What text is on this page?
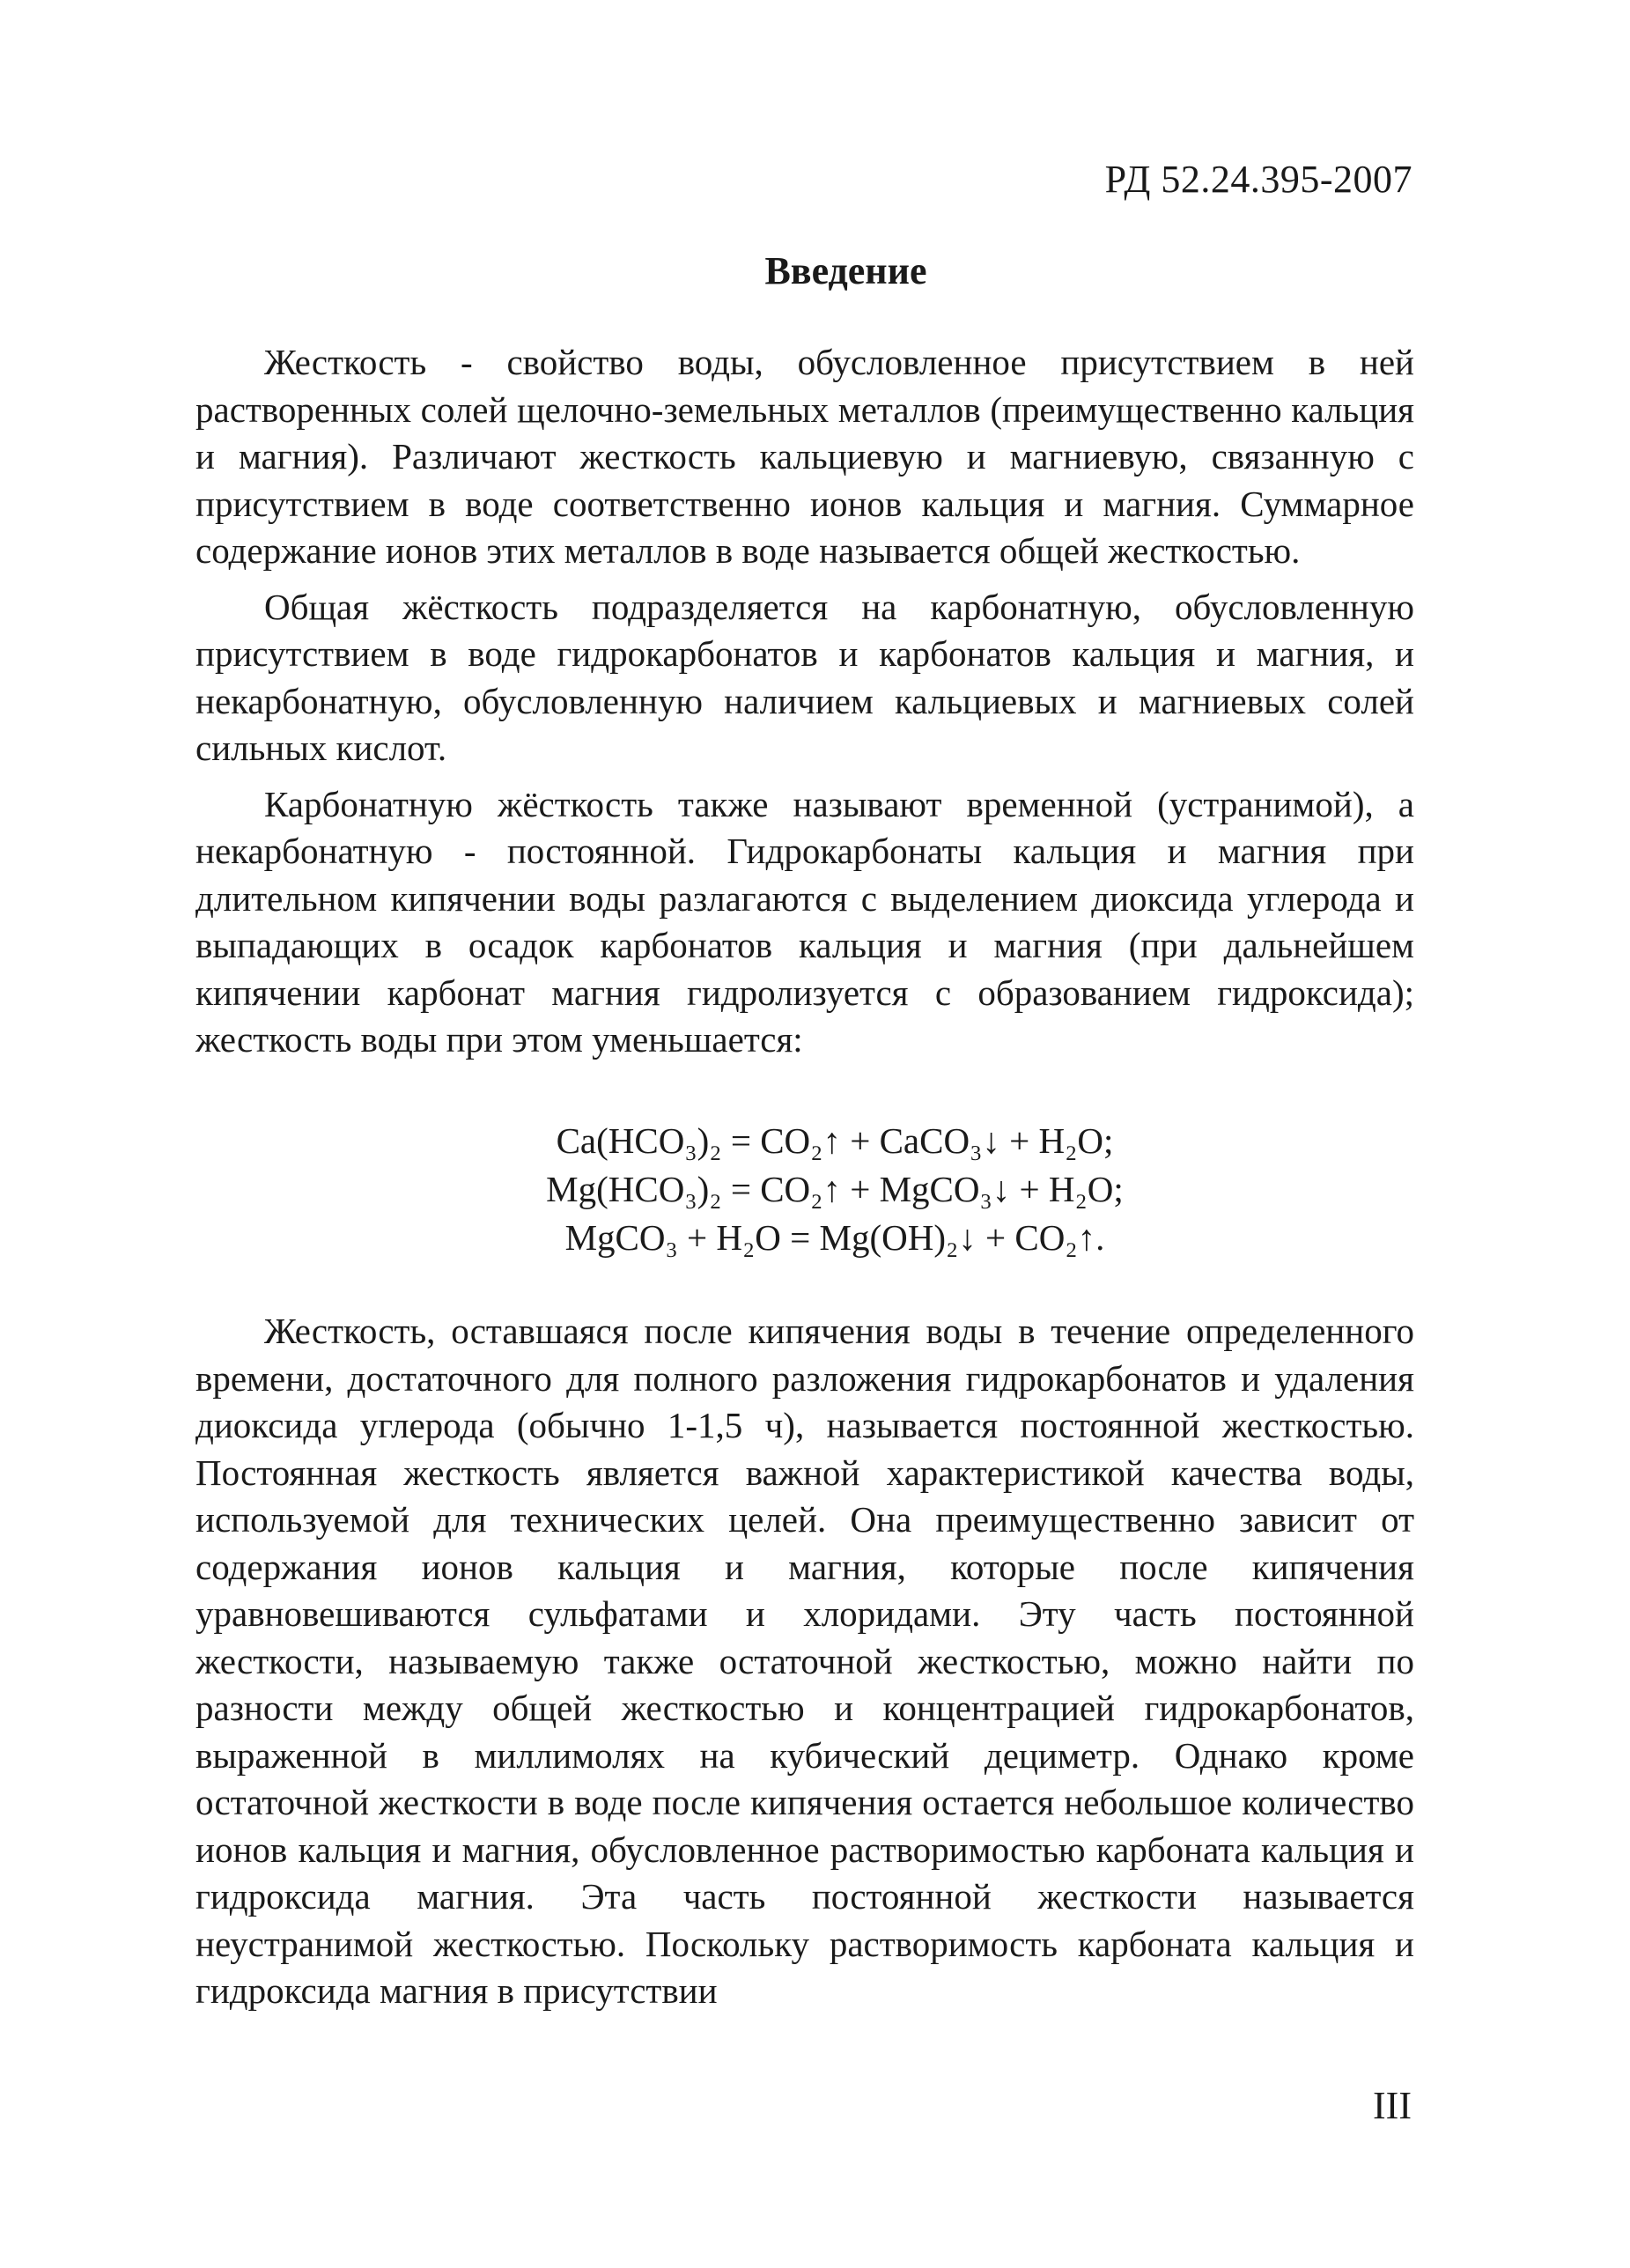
РД 52.24.395-2007
Введение

Жесткость - свойство воды, обусловленное присутствием в ней растворенных солей щелочно-земельных металлов (преимущественно кальция и магния). Различают жесткость кальциевую и магниевую, связанную с присутствием в воде соответственно ионов кальция и магния. Суммарное содержание ионов этих металлов в воде называется общей жесткостью.

Общая жёсткость подразделяется на карбонатную, обусловленную присутствием в воде гидрокарбонатов и карбонатов кальция и магния, и некарбонатную, обусловленную наличием кальциевых и магниевых солей сильных кислот.

Карбонатную жёсткость также называют временной (устранимой), а некарбонатную - постоянной. Гидрокарбонаты кальция и магния при длительном кипячении воды разлагаются с выделением диоксида углерода и выпадающих в осадок карбонатов кальция и магния (при дальнейшем кипячении карбонат магния гидролизуется с образованием гидроксида); жесткость воды при этом уменьшается:

Ca(HCO₃)₂ = CO₂↑ + CaCO₃↓ + H₂O;
Mg(HCO₃)₂ = CO₂↑ + MgCO₃↓ + H₂O;
MgCO₃ + H₂O = Mg(OH)₂↓ + CO₂↑.

Жесткость, оставшаяся после кипячения воды в течение определенного времени, достаточного для полного разложения гидрокарбонатов и удаления диоксида углерода (обычно 1-1,5 ч), называется постоянной жесткостью. Постоянная жесткость является важной характеристикой качества воды, используемой для технических целей. Она преимущественно зависит от содержания ионов кальция и магния, которые после кипячения уравновешиваются сульфатами и хлоридами. Эту часть постоянной жесткости, называемую также остаточной жесткостью, можно найти по разности между общей жесткостью и концентрацией гидрокарбонатов, выраженной в миллимолях на кубический дециметр. Однако кроме остаточной жесткости в воде после кипячения остается небольшое количество ионов кальция и магния, обусловленное растворимостью карбоната кальция и гидроксида магния. Эта часть постоянной жесткости называется неустранимой жесткостью. Поскольку растворимость карбоната кальция и гидроксида магния в присутствии

III
